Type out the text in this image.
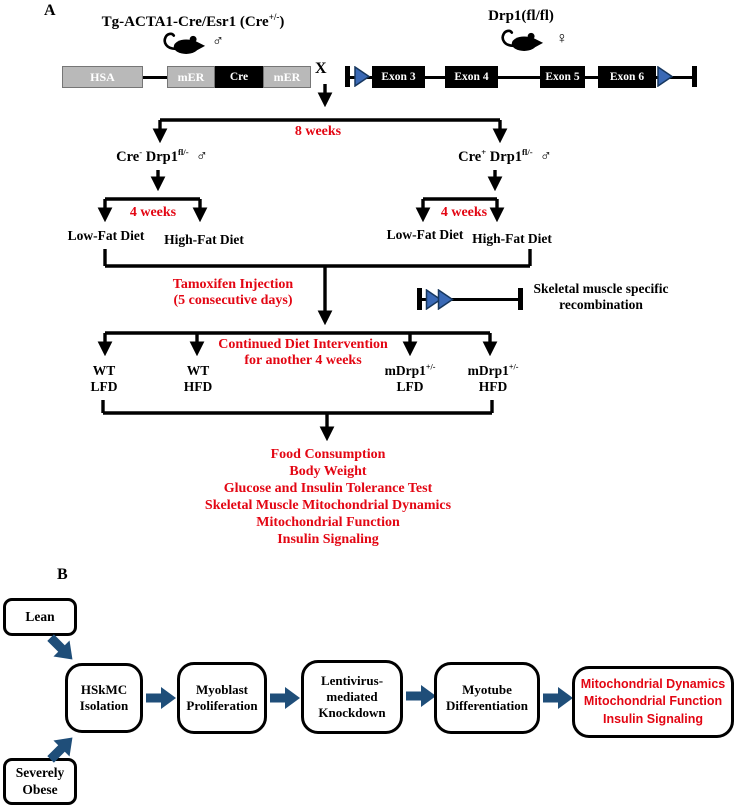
A
Tg-ACTA1-Cre/Esr1 (Cre+/-)
♂
Drp1(fl/fl)
♀
HSA	mER	Cre	mER X	Exon 3	Exon 4	Exon 5	Exon 6
8 weeks
Cre- $Drp1^{fl/-}$ ♂	Cre+ $Drp1^{fl/-}$ ♂
4 weeks	4 weeks
Low-Fat Diet High-Fat Diet	Low-Fat Diet High-Fat Diet
Tamoxifen Injection
(5 consecutive days)
Skeletal muscle specific
recombination
Continued Diet Intervention
for another 4 weeks
WT
LFD
WT
HFD
mDrp1+/-
LFD
mDrp1+/-
HFD
Food Consumption
Body Weight
Glucose and Insulin Tolerance Test
Skeletal Muscle Mitochondrial Dynamics
Mitochondrial Function
Insulin Signaling
B
Lean
Severely Obese
HSkMC Isolation
Myoblast Proliferation
Lentivirus-mediated Knockdown
Myotube Differentiation
Mitochondrial Dynamics
Mitochondrial Function
Insulin Signaling
